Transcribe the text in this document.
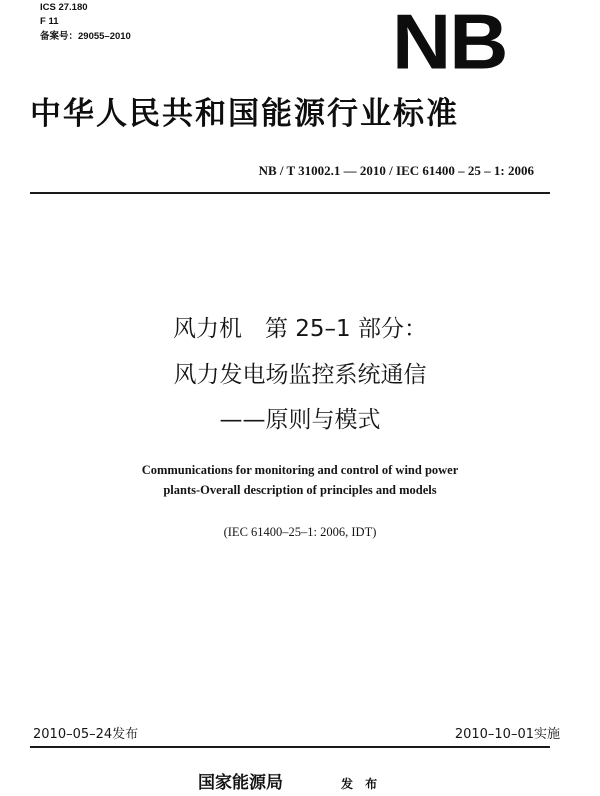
ICS 27.180
F 11
备案号：29055–2010	NB
中华人民共和国能源行业标准
NB / T 31002.1 — 2010 / IEC 61400 – 25 – 1: 2006
风力机　第 25–1 部分：
风力发电场监控系统通信
——原则与模式
Communications for monitoring and control of wind power
plants-Overall description of principles and models
(IEC 61400–25–1: 2006, IDT)
2010–05–24发布	2010–10–01实施
国家能源局	发 布
